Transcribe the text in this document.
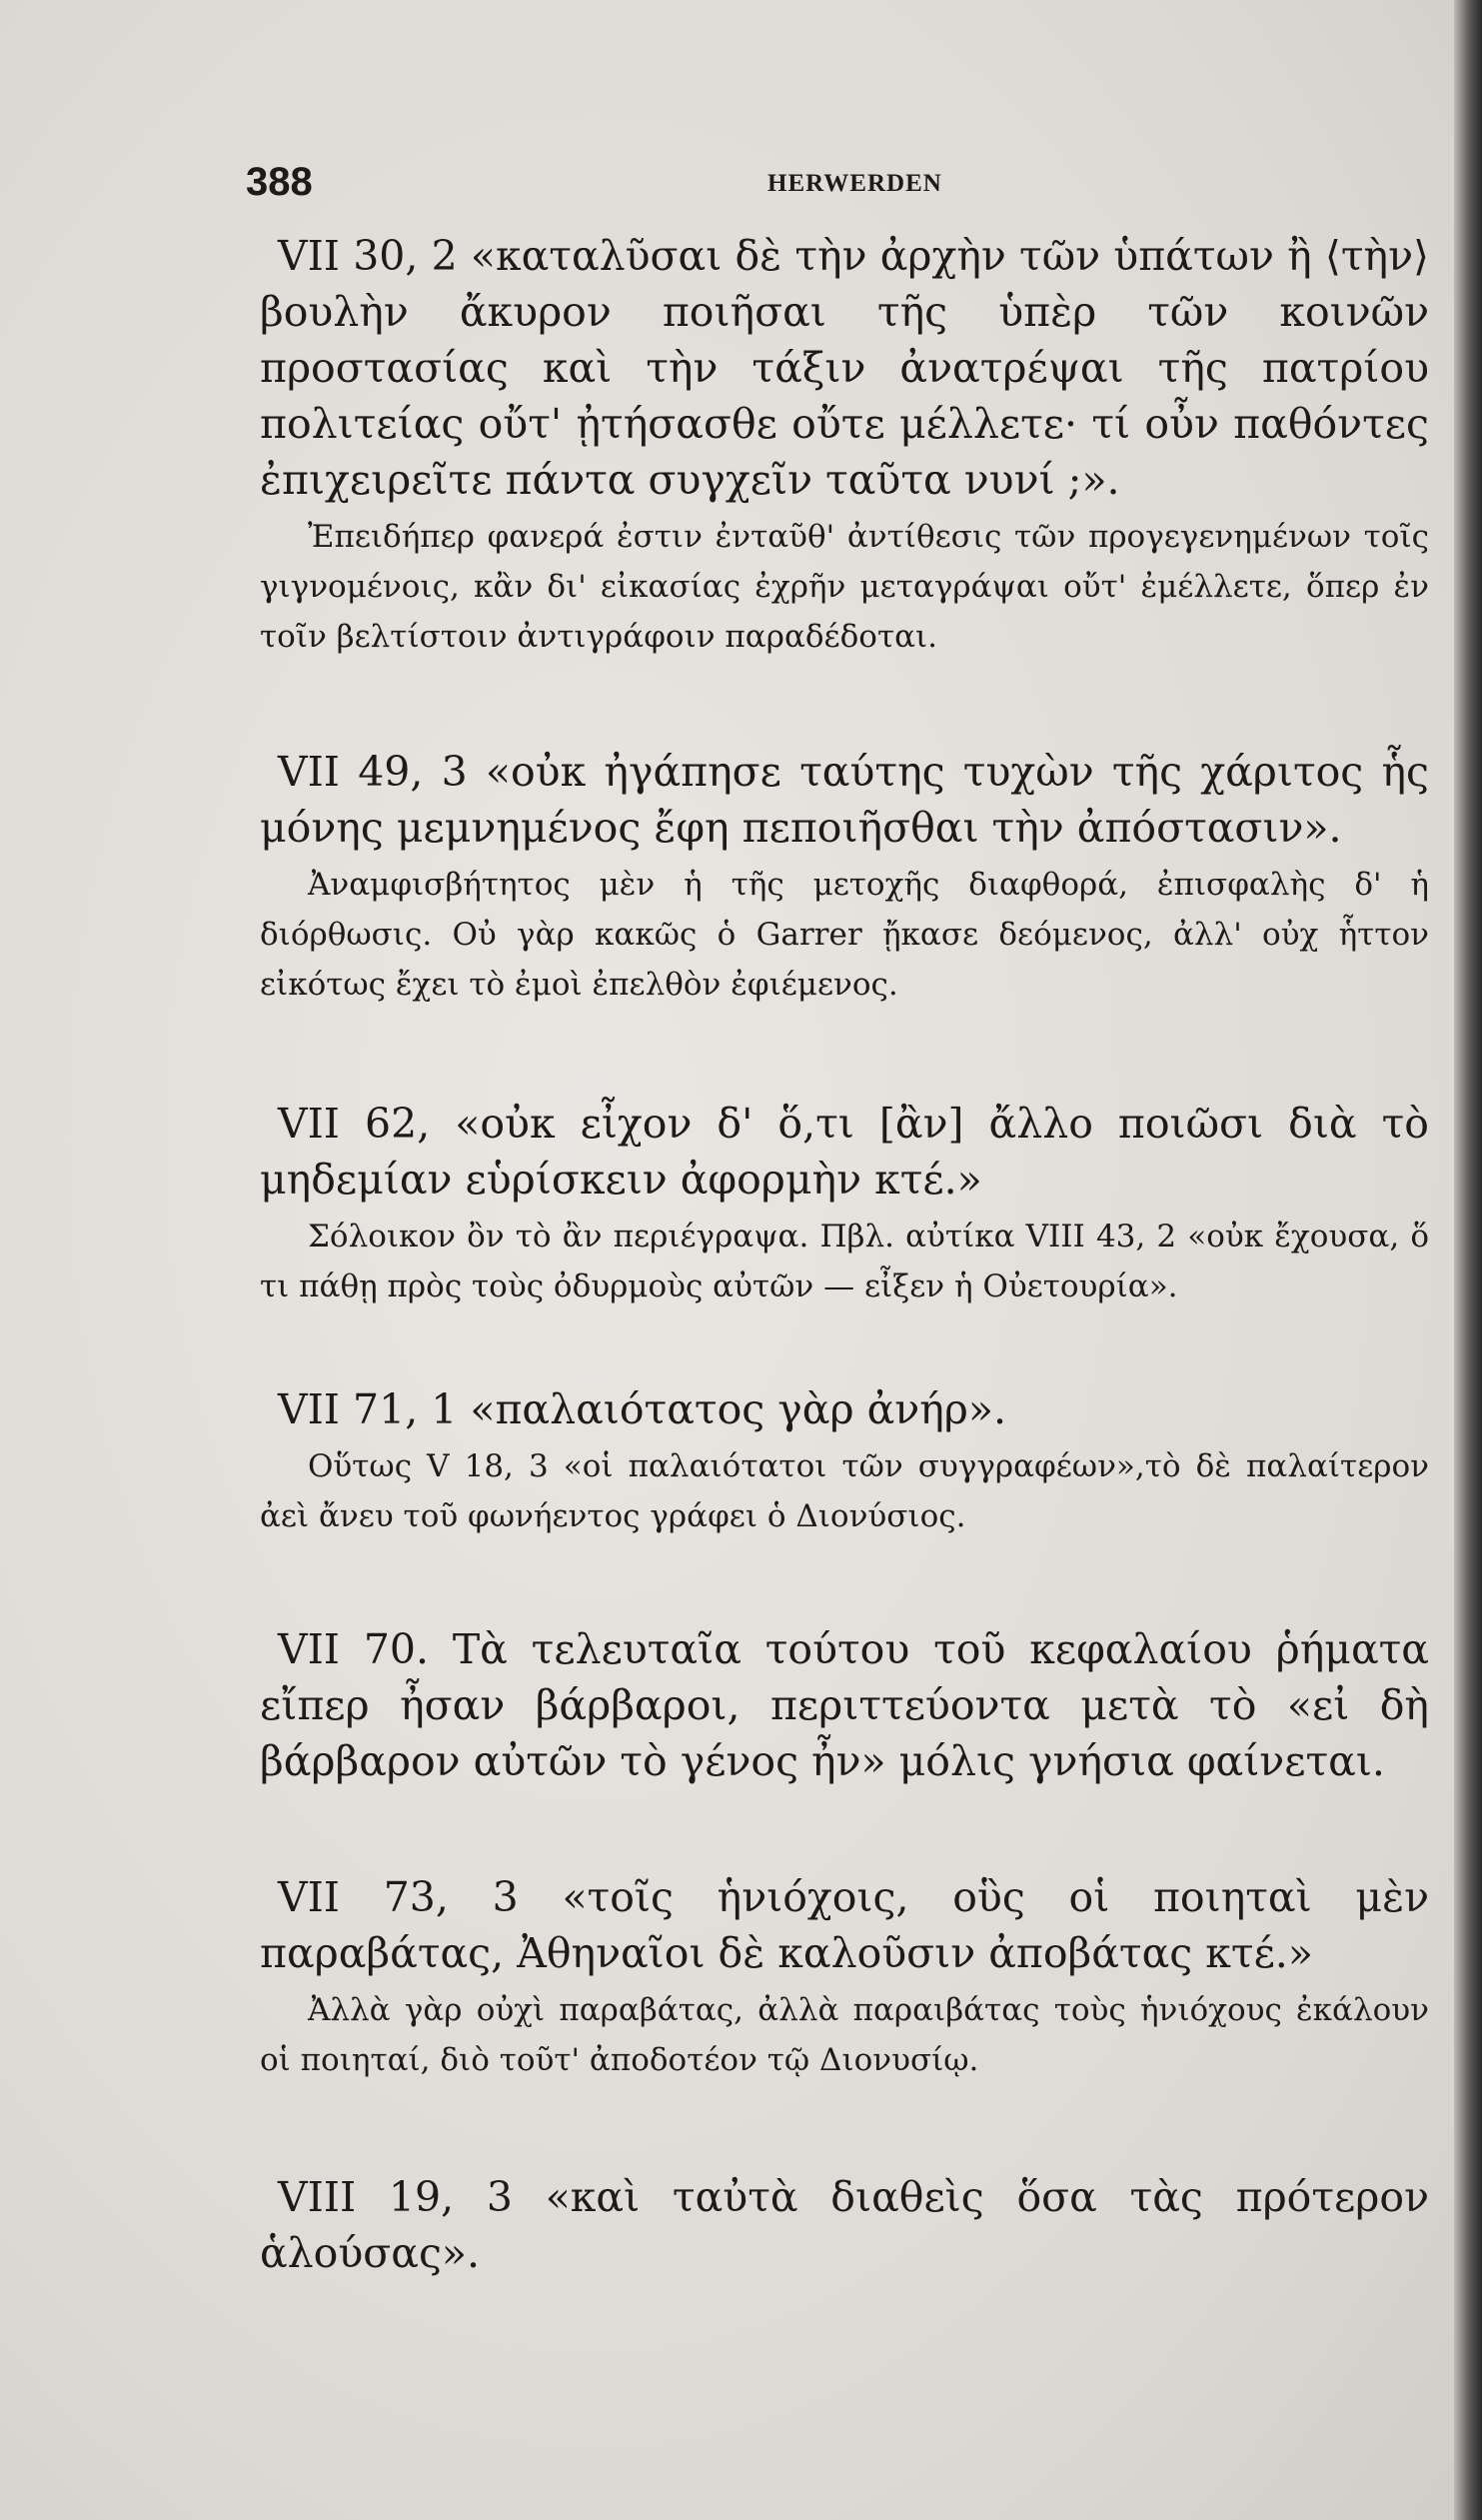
388	HERWERDEN

VII 30, 2 «καταλῦσαι δὲ τὴν ἀρχὴν τῶν ὑπάτων ἢ ⟨τὴν⟩ βουλὴν ἄκυρον ποιῆσαι τῆς ὑπὲρ τῶν κοινῶν προστασίας καὶ τὴν τάξιν ἀνατρέψαι τῆς πατρίου πολιτείας οὔτ' ᾐτήσασθε οὔτε μέλλετε· τί οὖν παθόντες ἐπιχειρεῖτε πάντα συγχεῖν ταῦτα νυνί ;».

Ἐπειδήπερ φανερά ἐστιν ἐνταῦθ' ἀντίθεσις τῶν προγεγενημένων τοῖς γιγνομένοις, κἂν δι' εἰκασίας ἐχρῆν μεταγράψαι οὔτ' ἐμέλλετε, ὅπερ ἐν τοῖν βελτίστοιν ἀντιγράφοιν παραδέδοται.

VII 49, 3 «οὐκ ἠγάπησε ταύτης τυχὼν τῆς χάριτος ἧς μόνης μεμνημένος ἔφη πεποιῆσθαι τὴν ἀπόστασιν».

Ἀναμφισβήτητος μὲν ἡ τῆς μετοχῆς διαφθορά, ἐπισφαλὴς δ' ἡ διόρθωσις. Οὐ γὰρ κακῶς ὁ Garrer ᾔκασε δεόμενος, ἀλλ' οὐχ ἧττον εἰκότως ἔχει τὸ ἐμοὶ ἐπελθὸν ἐφιέμενος.

VII 62, «οὐκ εἶχον δ' ὅ,τι [ἂν] ἄλλο ποιῶσι διὰ τὸ μηδεμίαν εὑρίσκειν ἀφορμὴν κτέ.»

Σόλοικον ὂν τὸ ἂν περιέγραψα. Πβλ. αὐτίκα VIII 43, 2 «οὐκ ἔχουσα, ὅ τι πάθῃ πρὸς τοὺς ὀδυρμοὺς αὐτῶν — εἶξεν ἡ Οὐετουρία».

VII 71, 1 «παλαιότατος γὰρ ἀνήρ».

Οὕτως V 18, 3 «οἱ παλαιότατοι τῶν συγγραφέων»,τὸ δὲ παλαίτερον ἀεὶ ἄνευ τοῦ φωνήεντος γράφει ὁ Διονύσιος.

VII 70. Τὰ τελευταῖα τούτου τοῦ κεφαλαίου ῥήματα εἴπερ ἦσαν βάρβαροι, περιττεύοντα μετὰ τὸ «εἰ δὴ βάρβαρον αὐτῶν τὸ γένος ἦν» μόλις γνήσια φαίνεται.

VII 73, 3 «τοῖς ἡνιόχοις, οὓς οἱ ποιηταὶ μὲν παραβάτας, Ἀθηναῖοι δὲ καλοῦσιν ἀποβάτας κτέ.»

Ἀλλὰ γὰρ οὐχὶ παραβάτας, ἀλλὰ παραιβάτας τοὺς ἡνιόχους ἐκάλουν οἱ ποιηταί, διὸ τοῦτ' ἀποδοτέον τῷ Διονυσίῳ.

VIII 19, 3 «καὶ ταὐτὰ διαθεὶς ὅσα τὰς πρότερον ἁλούσας».
